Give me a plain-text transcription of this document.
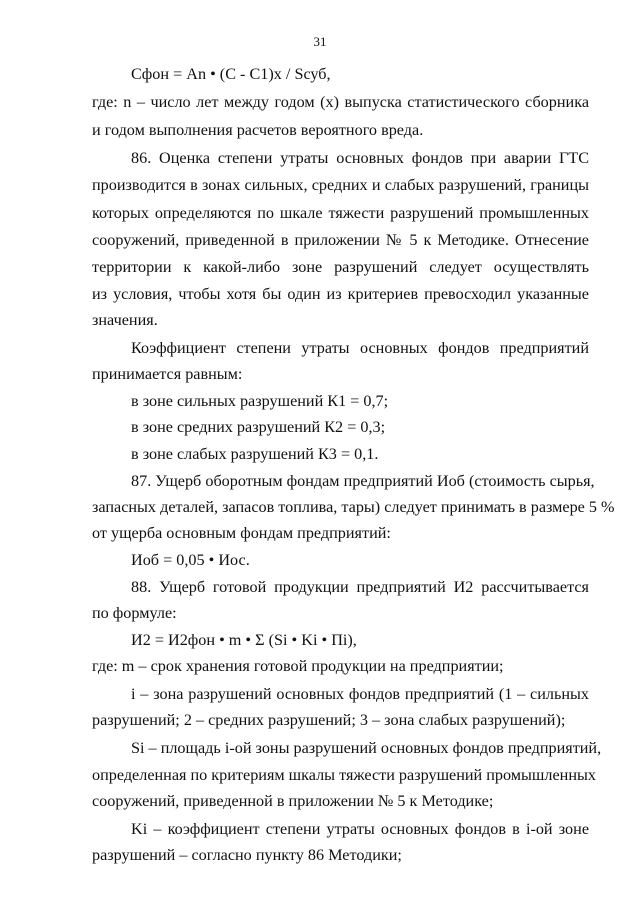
31
Сфон = Аn • (С - С1)х / Sсуб,
где: n – число лет между годом (x) выпуска статистического сборника
и годом выполнения расчетов вероятного вреда.
86. Оценка степени утраты основных фондов при аварии ГТС
производится в зонах сильных, средних и слабых разрушений, границы
которых определяются по шкале тяжести разрушений промышленных
сооружений, приведенной в приложении № 5 к Методике. Отнесение
территории к какой-либо зоне разрушений следует осуществлять
из условия, чтобы хотя бы один из критериев превосходил указанные
значения.
Коэффициент степени утраты основных фондов предприятий
принимается равным:
в зоне сильных разрушений К1 = 0,7;
в зоне средних разрушений К2 = 0,3;
в зоне слабых разрушений К3 = 0,1.
87. Ущерб оборотным фондам предприятий Иоб (стоимость сырья,
запасных деталей, запасов топлива, тары) следует принимать в размере 5 %
от ущерба основным фондам предприятий:
Иоб = 0,05 • Иос.
88. Ущерб готовой продукции предприятий И2 рассчитывается
по формуле:
И2 = И2фон • m • Σ (Si • Ki • Пi),
где: m – срок хранения готовой продукции на предприятии;
i – зона разрушений основных фондов предприятий (1 – сильных
разрушений; 2 – средних разрушений; 3 – зона слабых разрушений);
Si – площадь i-ой зоны разрушений основных фондов предприятий,
определенная по критериям шкалы тяжести разрушений промышленных
сооружений, приведенной в приложении № 5 к Методике;
Ki – коэффициент степени утраты основных фондов в i-ой зоне
разрушений – согласно пункту 86 Методики;
